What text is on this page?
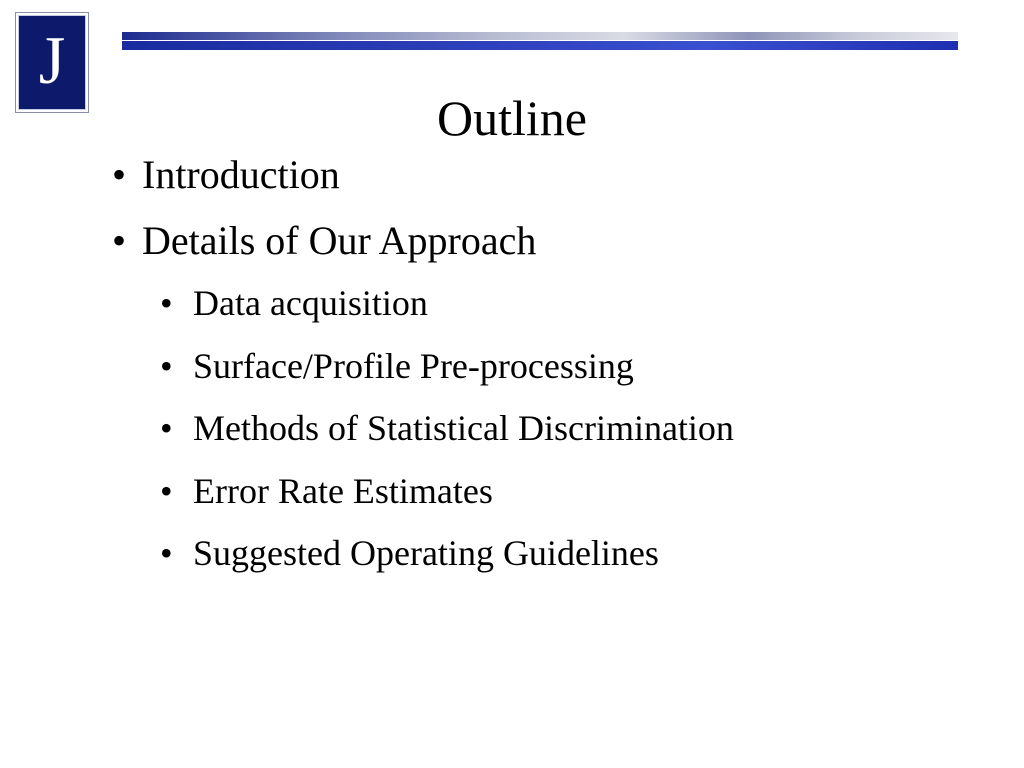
J
Outline
• Introduction
• Details of Our Approach
• Data acquisition
• Surface/Profile Pre-processing
• Methods of Statistical Discrimination
• Error Rate Estimates
• Suggested Operating Guidelines
